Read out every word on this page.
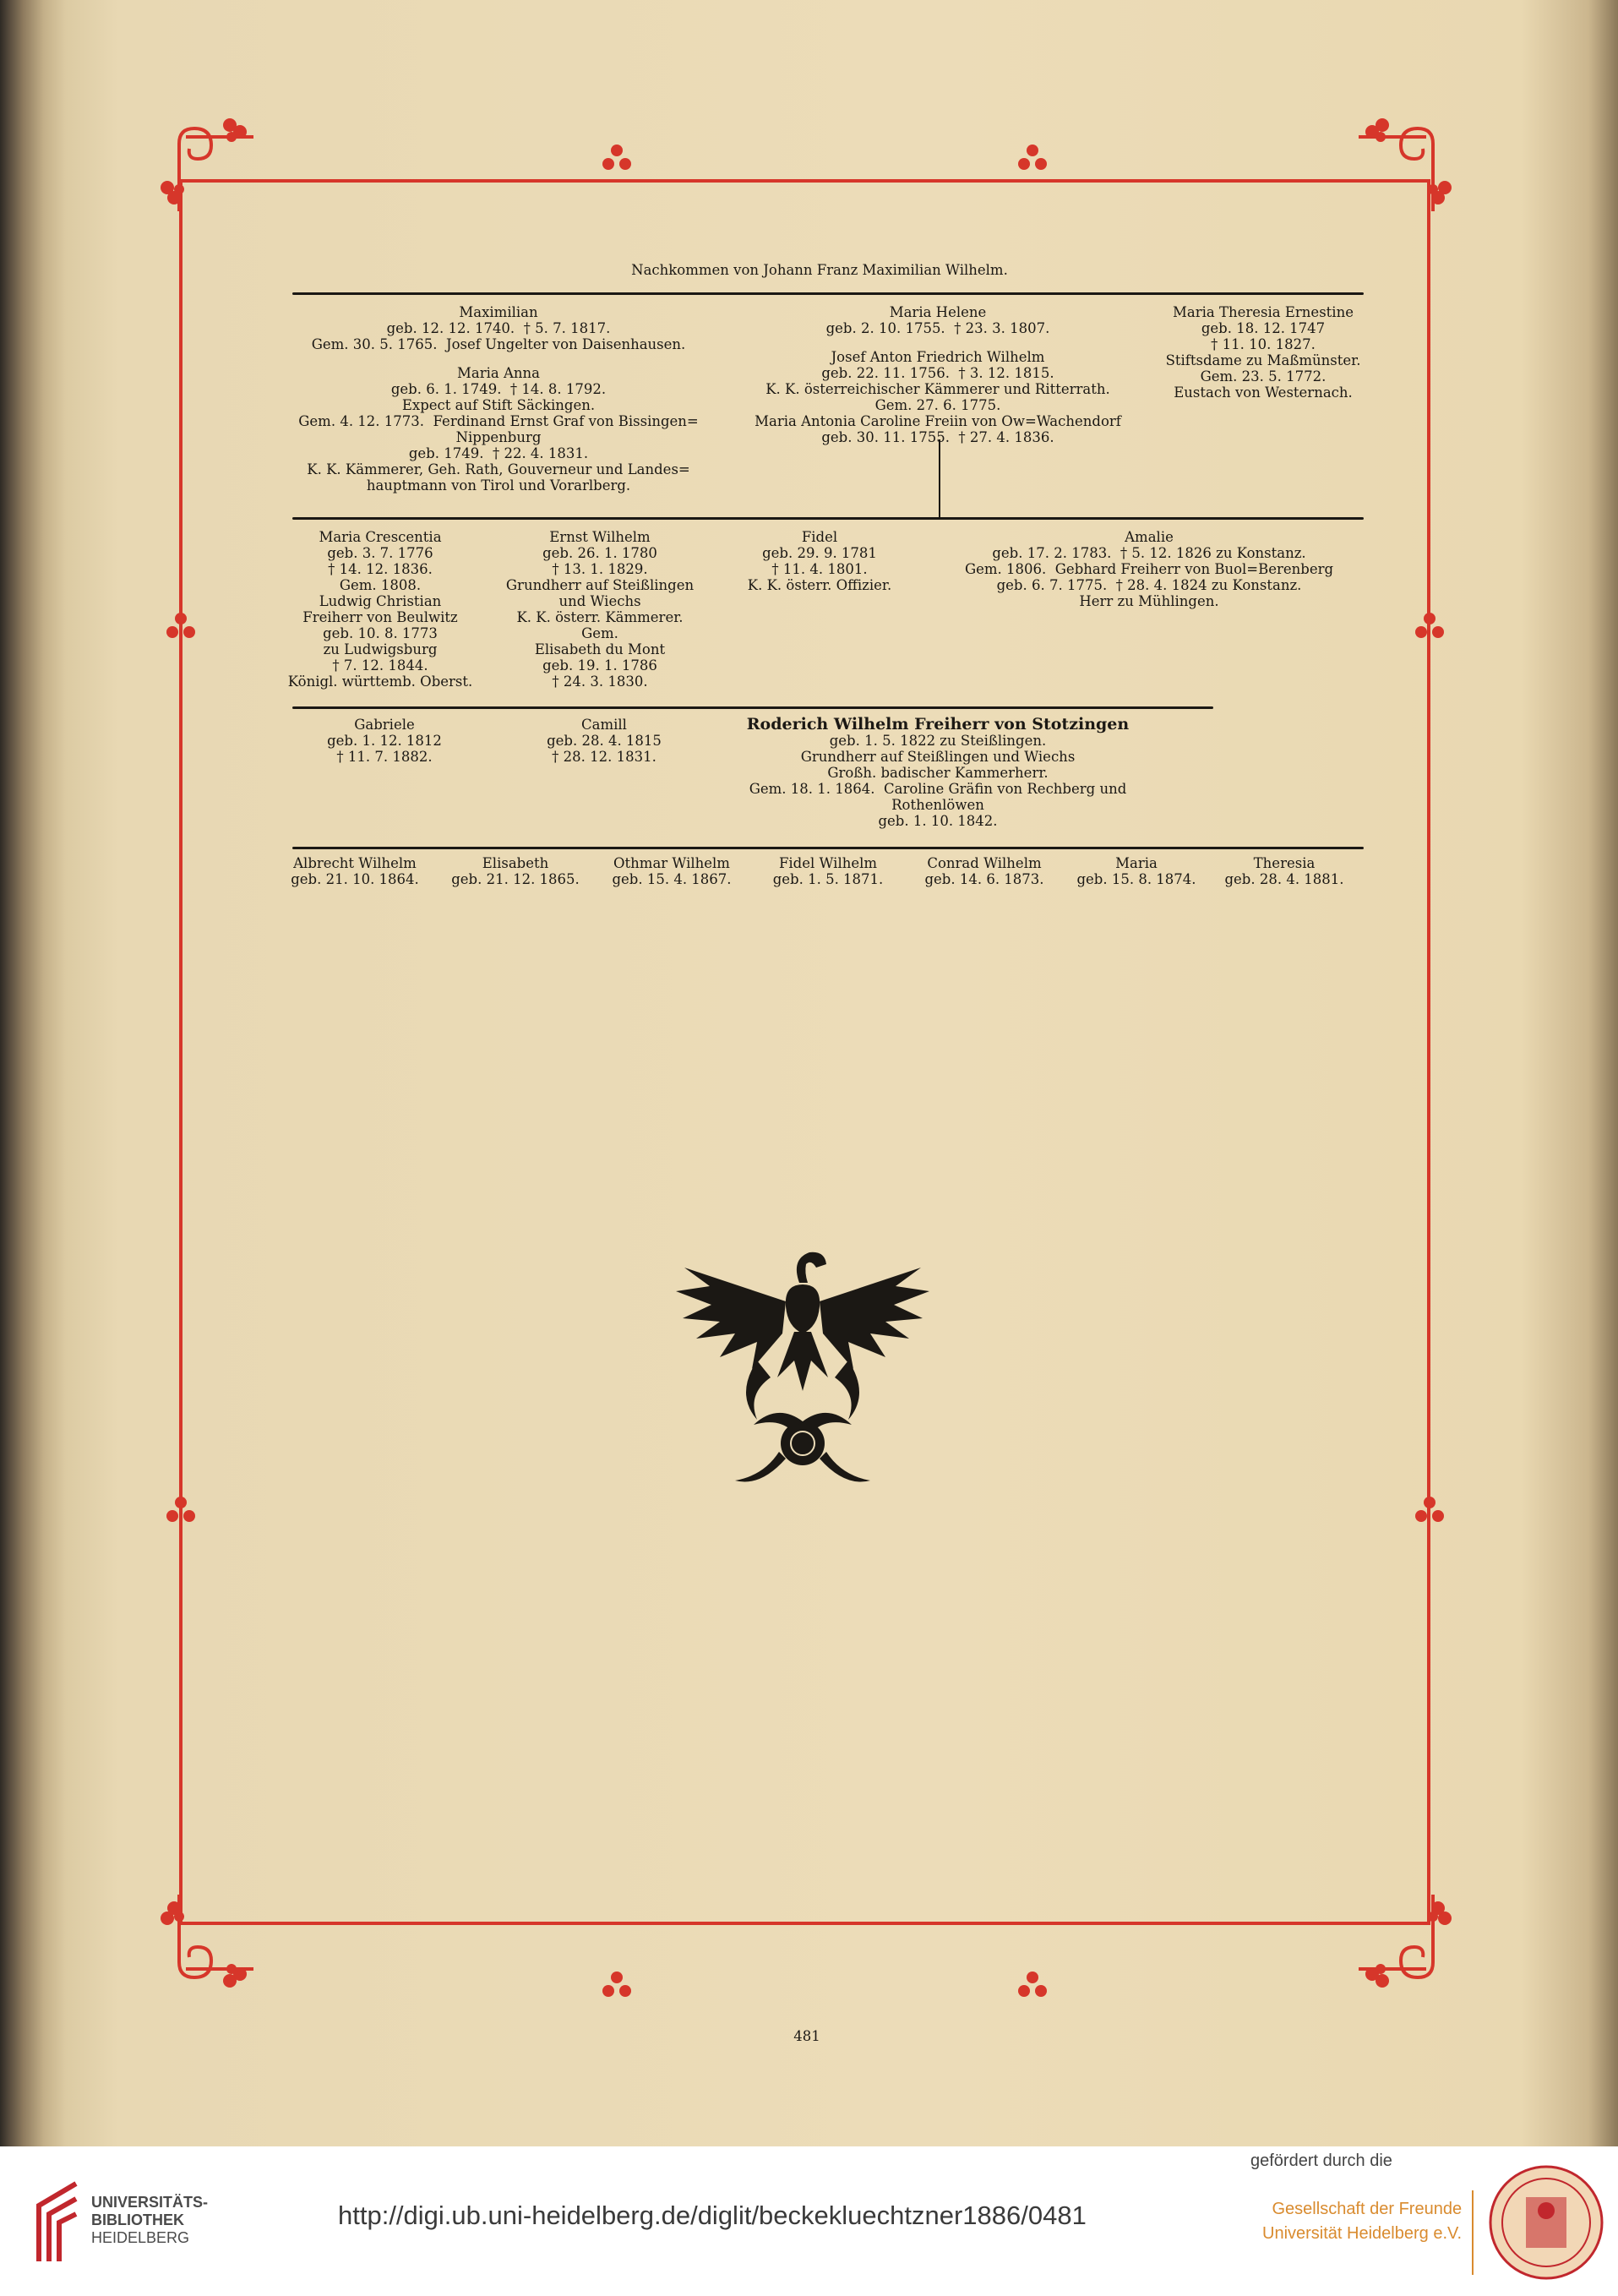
Nachkommen von Johann Franz Maximilian Wilhelm.
Maximilian
geb. 12. 12. 1740.  † 5. 7. 1817.
Gem. 30. 5. 1765.  Josef Ungelter von Daisenhausen.
Maria Anna
geb. 6. 1. 1749.  † 14. 8. 1792.
Expect auf Stift Säckingen.
Gem. 4. 12. 1773.  Ferdinand Ernst Graf von Bissingen=
Nippenburg
geb. 1749.  † 22. 4. 1831.
K. K. Kämmerer, Geh. Rath, Gouverneur und Landes=
hauptmann von Tirol und Vorarlberg.
Maria Helene
geb. 2. 10. 1755.  † 23. 3. 1807.
Josef Anton Friedrich Wilhelm
geb. 22. 11. 1756.  † 3. 12. 1815.
K. K. österreichischer Kämmerer und Ritterrath.
Gem. 27. 6. 1775.
Maria Antonia Caroline Freiin von Ow=Wachendorf
geb. 30. 11. 1755.  † 27. 4. 1836.
Maria Theresia Ernestine
geb. 18. 12. 1747
† 11. 10. 1827.
Stiftsdame zu Maßmünster.
Gem. 23. 5. 1772.
Eustach von Westernach.
Maria Crescentia
geb. 3. 7. 1776
† 14. 12. 1836.
Gem. 1808.
Ludwig Christian
Freiherr von Beulwitz
geb. 10. 8. 1773
zu Ludwigsburg
† 7. 12. 1844.
Königl. württemb. Oberst.
Ernst Wilhelm
geb. 26. 1. 1780
† 13. 1. 1829.
Grundherr auf Steißlingen
und Wiechs
K. K. österr. Kämmerer.
Gem.
Elisabeth du Mont
geb. 19. 1. 1786
† 24. 3. 1830.
Fidel
geb. 29. 9. 1781
† 11. 4. 1801.
K. K. österr. Offizier.
Amalie
geb. 17. 2. 1783.  † 5. 12. 1826 zu Konstanz.
Gem. 1806.  Gebhard Freiherr von Buol=Berenberg
geb. 6. 7. 1775.  † 28. 4. 1824 zu Konstanz.
Herr zu Mühlingen.
Gabriele
geb. 1. 12. 1812
† 11. 7. 1882.
Camill
geb. 28. 4. 1815
† 28. 12. 1831.
Roderich Wilhelm Freiherr von Stotzingen
geb. 1. 5. 1822 zu Steißlingen.
Grundherr auf Steißlingen und Wiechs
Großh. badischer Kammerherr.
Gem. 18. 1. 1864.  Caroline Gräfin von Rechberg und
Rothenlöwen
geb. 1. 10. 1842.
Albrecht Wilhelm
geb. 21. 10. 1864.
Elisabeth
geb. 21. 12. 1865.
Othmar Wilhelm
geb. 15. 4. 1867.
Fidel Wilhelm
geb. 1. 5. 1871.
Conrad Wilhelm
geb. 14. 6. 1873.
Maria
geb. 15. 8. 1874.
Theresia
geb. 28. 4. 1881.
481
UNIVERSITÄTS-
BIBLIOTHEK
HEIDELBERG
http://digi.ub.uni-heidelberg.de/diglit/beckekluechtzner1886/0481
gefördert durch die
Gesellschaft der Freunde
Universität Heidelberg e.V.
